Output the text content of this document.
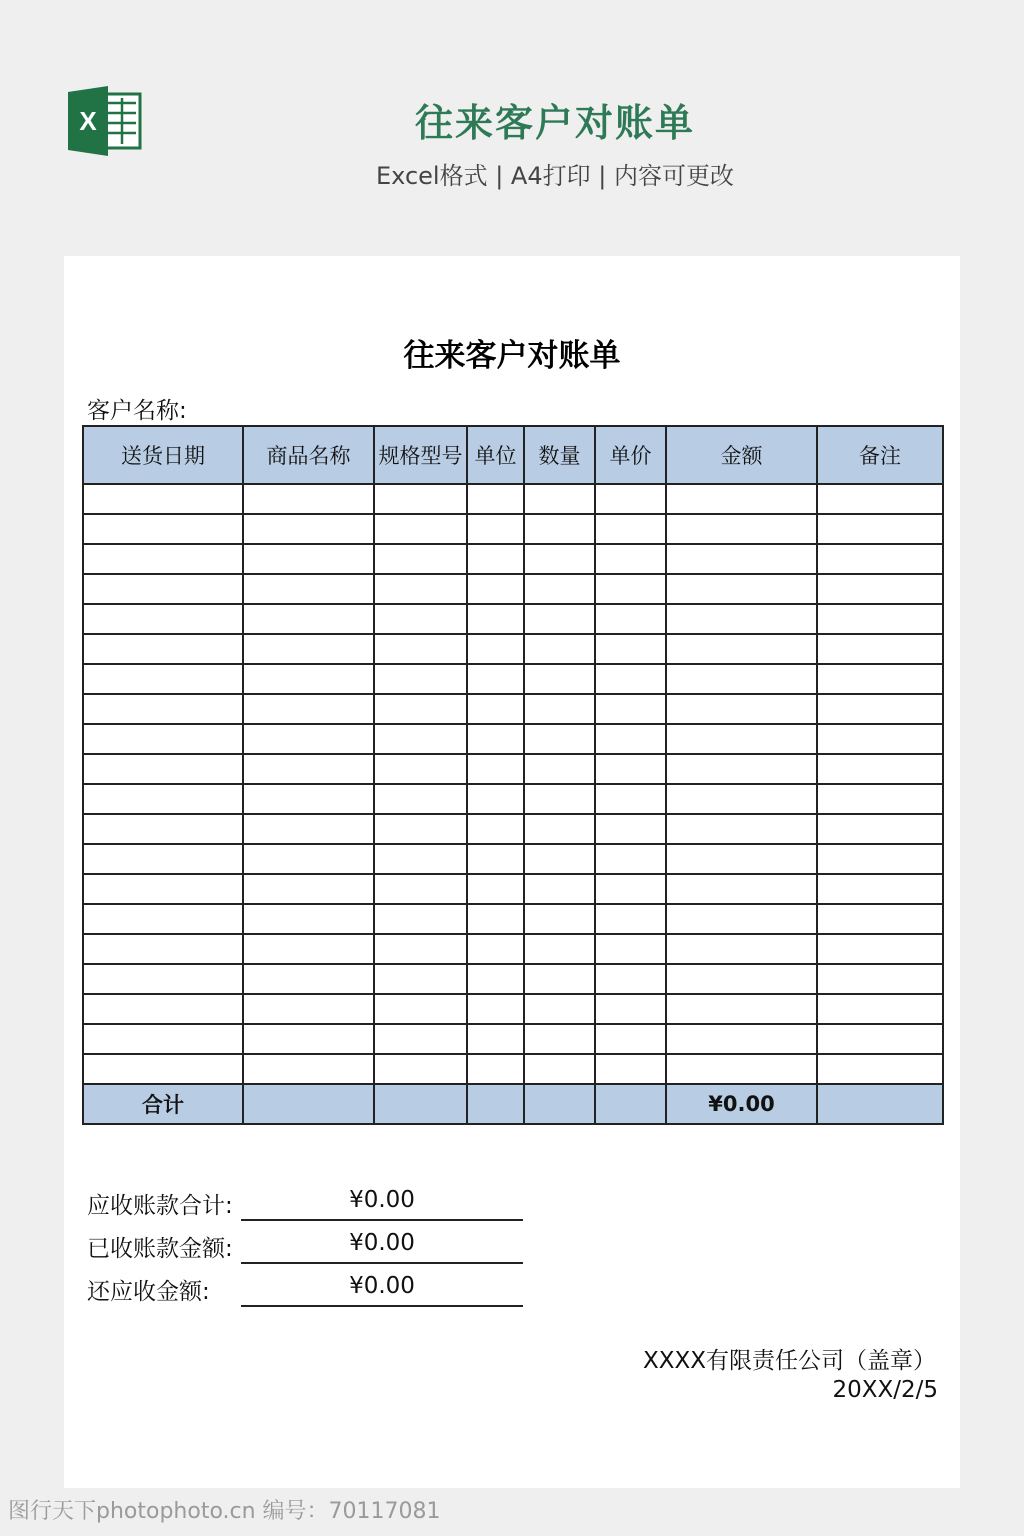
X	往来客户对账单
Excel格式 | A4打印 | 内容可更改
往来客户对账单
客户名称:
送货日期	商品名称	规格型号	单位	数量	单价	金额	备注

合计						¥0.00	
应收账款合计:	¥0.00
已收账款金额:	¥0.00
还应收金额:	¥0.00
XXXX有限责任公司（盖章）
20XX/2/5
图行天下photophoto.cn 编号：70117081
